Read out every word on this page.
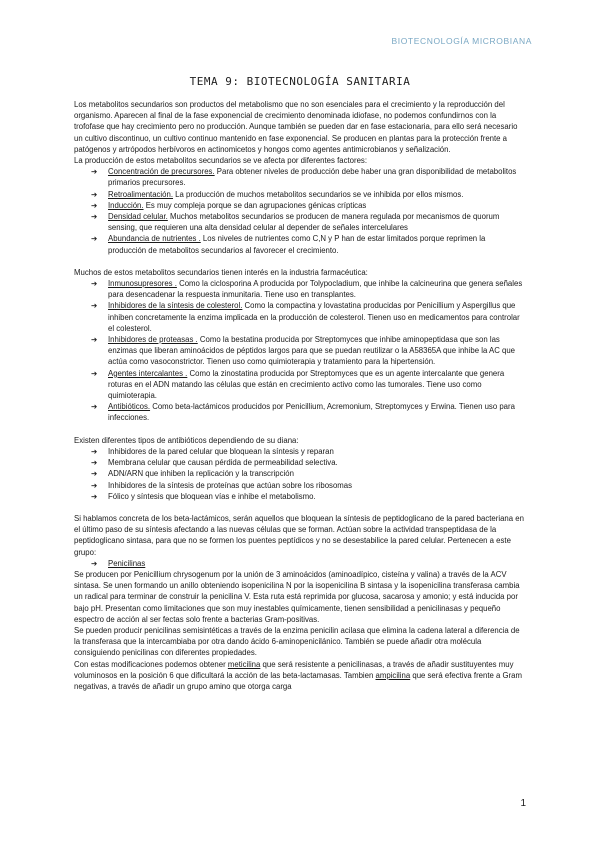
BIOTECNOLOGÍA MICROBIANA
TEMA 9: BIOTECNOLOGÍA SANITARIA

Los metabolitos secundarios son productos del metabolismo que no son esenciales para el crecimiento y la reproducción del organismo. Aparecen al final de la fase exponencial de crecimiento denominada idiofase, no podemos confundirnos con la trofofase que hay crecimiento pero no producción. Aunque también se pueden dar en fase estacionaria, para ello será necesario un cultivo discontinuo, un cultivo continuo mantenido en fase exponencial. Se producen en plantas para la protección frente a patógenos y artrópodos herbívoros en actinomicetos y hongos como agentes antimicrobianos y señalización.

La producción de estos metabolitos secundarios se ve afecta por diferentes factores:

➔ Concentración de precursores. Para obtener niveles de producción debe haber una gran disponibilidad de metabolitos primarios precursores.
➔ Retroalimentación. La producción de muchos metabolitos secundarios se ve inhibida por ellos mismos.
➔ Inducción. Es muy compleja porque se dan agrupaciones génicas crípticas
➔ Densidad celular. Muchos metabolitos secundarios se producen de manera regulada por mecanismos de quorum sensing, que requieren una alta densidad celular al depender de señales intercelulares
➔ Abundancia de nutrientes . Los niveles de nutrientes como C,N y P han de estar limitados porque reprimen la producción de metabolitos secundarios al favorecer el crecimiento.

Muchos de estos metabolitos secundarios tienen interés en la industria farmacéutica:

➔ Inmunosupresores . Como la ciclosporina A producida por Tolypocladium, que inhibe la calcineurina que genera señales para desencadenar la respuesta inmunitaria. Tiene uso en transplantes.
➔ Inhibidores de la síntesis de colesterol. Como la compactina y lovastatina producidas por Penicillium y Aspergillus que inhiben concretamente la enzima implicada en la producción de colesterol. Tienen uso en medicamentos para controlar el colesterol.
➔ Inhibidores de proteasas . Como la bestatina producida por Streptomyces que inhibe aminopeptidasa que son las enzimas que liberan aminoácidos de péptidos largos para que se puedan reutilizar o la A58365A que inhibe la AC que actúa como vasoconstrictor. Tienen uso como quimioterapia y tratamiento para la hipertensión.
➔ Agentes intercalantes . Como la zinostatina producida por Streptomyces que es un agente intercalante que genera roturas en el ADN matando las células que están en crecimiento activo como las tumorales. Tiene uso como quimioterapia.
➔ Antibióticos. Como beta-lactámicos producidos por Penicillium, Acremonium, Streptomyces y Erwina. Tienen uso para infecciones.

Existen diferentes tipos de antibióticos dependiendo de su diana:

➔ Inhibidores de la pared celular que bloquean la síntesis y reparan
➔ Membrana celular que causan pérdida de permeabilidad selectiva.
➔ ADN/ARN que inhiben la replicación y la transcripción
➔ Inhibidores de la síntesis de proteínas que actúan sobre los ribosomas
➔ Fólico y síntesis que bloquean vías e inhibe el metabolismo.

Si hablamos concreta de los beta-lactámicos, serán aquellos que bloquean la síntesis de peptidoglicano de la pared bacteriana en el último paso de su síntesis afectando a las nuevas células que se forman. Actúan sobre la actividad transpeptidasa de la peptidoglicano sintasa, para que no se formen los puentes peptídicos y no se desestabilice la pared celular. Pertenecen a este grupo:

➔ Penicilinas

Se producen por Penicillium chrysogenum por la unión de 3 aminoácidos (aminoadípico, cisteína y valina) a través de la ACV sintasa. Se unen formando un anillo obteniendo isopenicilina N por la isopenicilina B sintasa y la isopenicilina transferasa cambia un radical para terminar de construir la penicilina V. Esta ruta está reprimida por glucosa, sacarosa y amonio; y está inducida por bajo pH. Presentan como limitaciones que son muy inestables químicamente, tienen sensibilidad a penicilinasas y pequeño espectro de acción al ser fectas solo frente a bacterias Gram-positivas.

Se pueden producir penicilinas semisintéticas a través de la enzima penicilin acilasa que elimina la cadena lateral a diferencia de la transferasa que la intercambiaba por otra dando ácido 6-aminopenicilánico. También se puede añadir otra molécula consiguiendo penicilinas con diferentes propiedades.

Con estas modificaciones podemos obtener meticilina que será resistente a penicilinasas, a través de añadir sustituyentes muy voluminosos en la posición 6 que dificultará la acción de las beta-lactamasas. Tambien ampicilina que será efectiva frente a Gram negativas, a través de añadir un grupo amino que otorga carga

1
